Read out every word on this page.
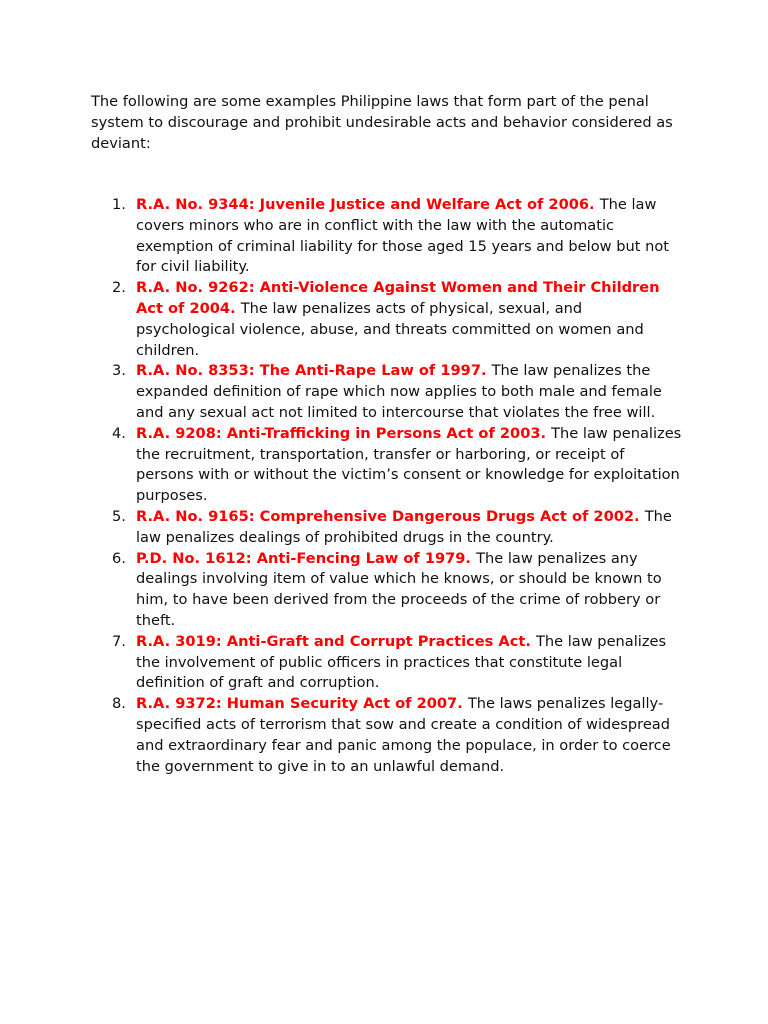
The following are some examples Philippine laws that form part of the penal system to discourage and prohibit undesirable acts and behavior considered as deviant:

1. R.A. No. 9344: Juvenile Justice and Welfare Act of 2006. The law covers minors who are in conflict with the law with the automatic exemption of criminal liability for those aged 15 years and below but not for civil liability.
2. R.A. No. 9262: Anti-Violence Against Women and Their Children Act of 2004. The law penalizes acts of physical, sexual, and psychological violence, abuse, and threats committed on women and children.
3. R.A. No. 8353: The Anti-Rape Law of 1997. The law penalizes the expanded definition of rape which now applies to both male and female and any sexual act not limited to intercourse that violates the free will.
4. R.A. 9208: Anti-Trafficking in Persons Act of 2003. The law penalizes the recruitment, transportation, transfer or harboring, or receipt of persons with or without the victim’s consent or knowledge for exploitation purposes.
5. R.A. No. 9165: Comprehensive Dangerous Drugs Act of 2002. The law penalizes dealings of prohibited drugs in the country.
6. P.D. No. 1612: Anti-Fencing Law of 1979. The law penalizes any dealings involving item of value which he knows, or should be known to him, to have been derived from the proceeds of the crime of robbery or theft.
7. R.A. 3019: Anti-Graft and Corrupt Practices Act. The law penalizes the involvement of public officers in practices that constitute legal definition of graft and corruption.
8. R.A. 9372: Human Security Act of 2007. The laws penalizes legally-specified acts of terrorism that sow and create a condition of widespread and extraordinary fear and panic among the populace, in order to coerce the government to give in to an unlawful demand.
